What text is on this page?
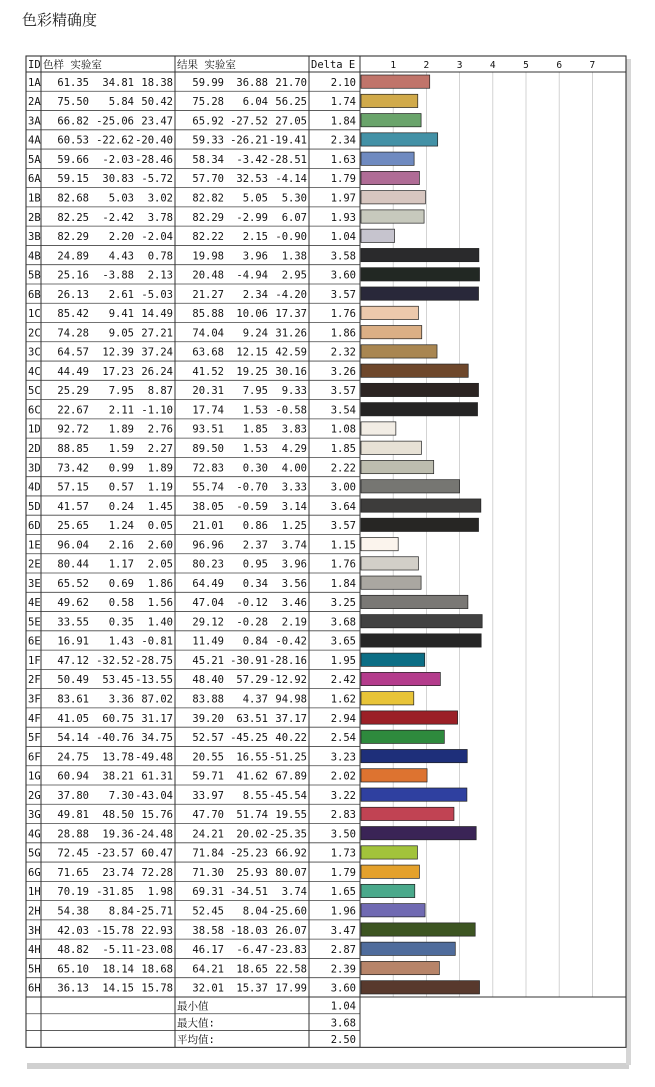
色彩精确度
ID 色样 实验室	结果 实验室	Delta E	1	2	3	4	5	6	7
1A 61.35 34.81 18.38 59.99 36.88 21.70 2.10
2A 75.50 5.84 50.42 75.28 6.04 56.25 1.74
3A 66.82 -25.06 23.47 65.92 -27.52 27.05 1.84
4A 60.53 -22.62 -20.40 59.33 -26.21 -19.41 2.34
5A 59.66 -2.03 -28.46 58.34 -3.42 -28.51 1.63
6A 59.15 30.83 -5.72 57.70 32.53 -4.14 1.79
1B 82.68 5.03 3.02 82.82 5.05 5.30 1.97
2B 82.25 -2.42 3.78 82.29 -2.99 6.07 1.93
3B 82.29 2.20 -2.04 82.22 2.15 -0.90 1.04
4B 24.89 4.43 0.78 19.98 3.96 1.38 3.58
5B 25.16 -3.88 2.13 20.48 -4.94 2.95 3.60
6B 26.13 2.61 -5.03 21.27 2.34 -4.20 3.57
1C 85.42 9.41 14.49 85.88 10.06 17.37 1.76
2C 74.28 9.05 27.21 74.04 9.24 31.26 1.86
3C 64.57 12.39 37.24 63.68 12.15 42.59 2.32
4C 44.49 17.23 26.24 41.52 19.25 30.16 3.26
5C 25.29 7.95 8.87 20.31 7.95 9.33 3.57
6C 22.67 2.11 -1.10 17.74 1.53 -0.58 3.54
1D 92.72 1.89 2.76 93.51 1.85 3.83 1.08
2D 88.85 1.59 2.27 89.50 1.53 4.29 1.85
3D 73.42 0.99 1.89 72.83 0.30 4.00 2.22
4D 57.15 0.57 1.19 55.74 -0.70 3.33 3.00
5D 41.57 0.24 1.45 38.05 -0.59 3.14 3.64
6D 25.65 1.24 0.05 21.01 0.86 1.25 3.57
1E 96.04 2.16 2.60 96.96 2.37 3.74 1.15
2E 80.44 1.17 2.05 80.23 0.95 3.96 1.76
3E 65.52 0.69 1.86 64.49 0.34 3.56 1.84
4E 49.62 0.58 1.56 47.04 -0.12 3.46 3.25
5E 33.55 0.35 1.40 29.12 -0.28 2.19 3.68
6E 16.91 1.43 -0.81 11.49 0.84 -0.42 3.65
1F 47.12 -32.52 -28.75 45.21 -30.91 -28.16 1.95
2F 50.49 53.45 -13.55 48.40 57.29 -12.92 2.42
3F 83.61 3.36 87.02 83.88 4.37 94.98 1.62
4F 41.05 60.75 31.17 39.20 63.51 37.17 2.94
5F 54.14 -40.76 34.75 52.57 -45.25 40.22 2.54
6F 24.75 13.78 -49.48 20.55 16.55 -51.25 3.23
1G 60.94 38.21 61.31 59.71 41.62 67.89 2.02
2G 37.80 7.30 -43.04 33.97 8.55 -45.54 3.22
3G 49.81 48.50 15.76 47.70 51.74 19.55 2.83
4G 28.88 19.36 -24.48 24.21 20.02 -25.35 3.50
5G 72.45 -23.57 60.47 71.84 -25.23 66.92 1.73
6G 71.65 23.74 72.28 71.30 25.93 80.07 1.79
1H 70.19 -31.85 1.98 69.31 -34.51 3.74 1.65
2H 54.38 8.84 -25.71 52.45 8.04 -25.60 1.96
3H 42.03 -15.78 22.93 38.58 -18.03 26.07 3.47
4H 48.82 -5.11 -23.08 46.17 -6.47 -23.83 2.87
5H 65.10 18.14 18.68 64.21 18.65 22.58 2.39
6H 36.13 14.15 15.78 32.01 15.37 17.99 3.60
最小值	1.04
最大值:	3.68
平均值:	2.50
